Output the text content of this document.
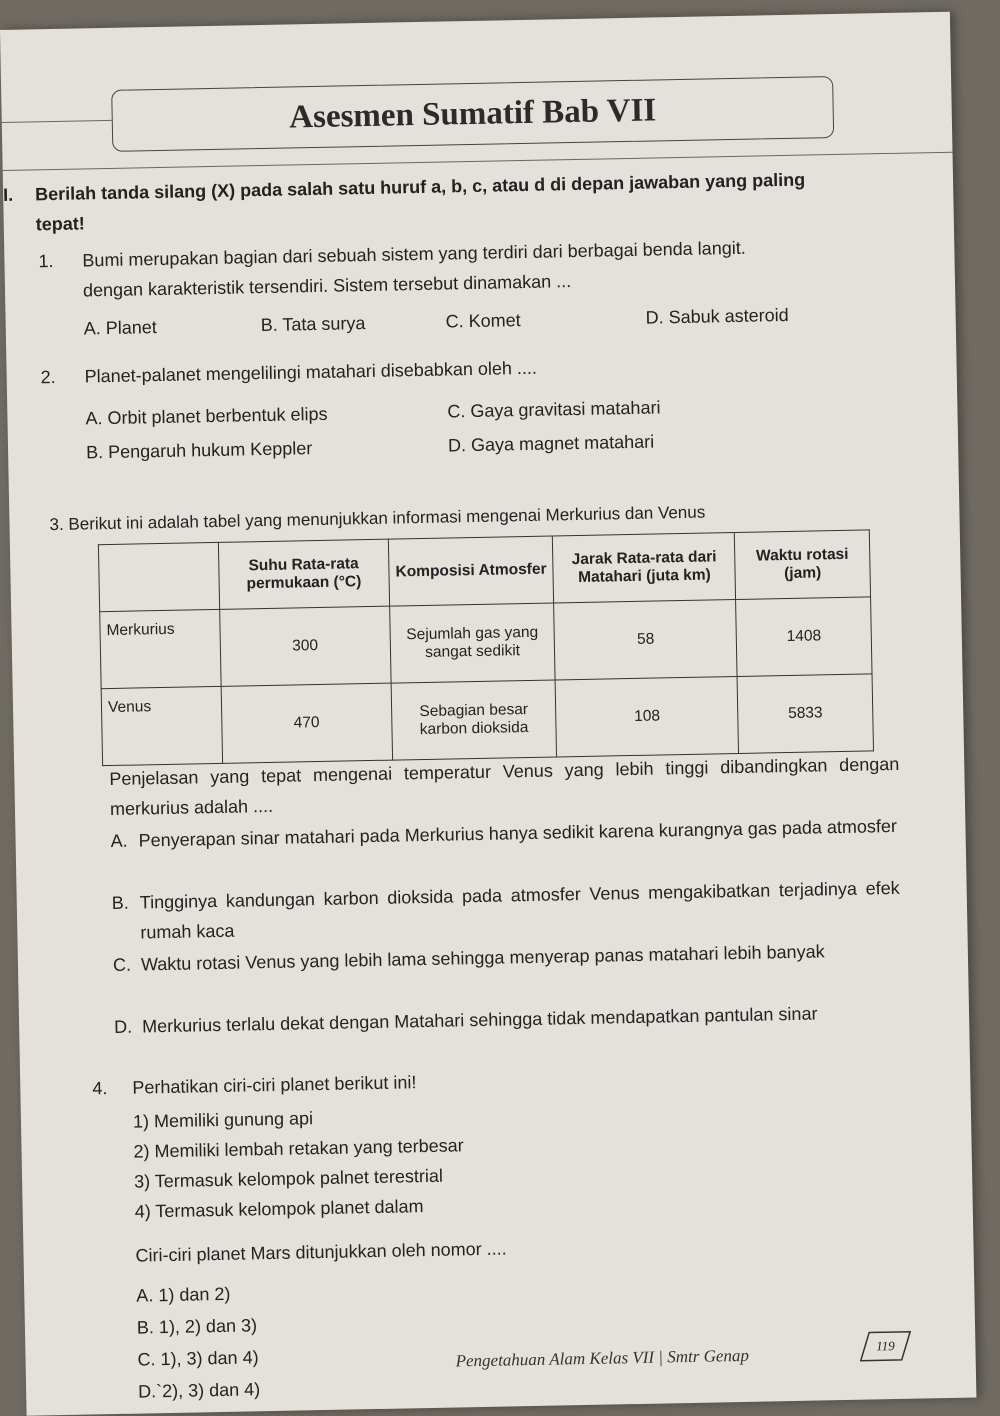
Asesmen Sumatif Bab VII
I. Berilah tanda silang (X) pada salah satu huruf a, b, c, atau d di depan jawaban yang paling tepat!
1. Bumi merupakan bagian dari sebuah sistem yang terdiri dari berbagai benda langit.
dengan karakteristik tersendiri. Sistem tersebut dinamakan ...
A. Planet	B. Tata surya	C. Komet	D. Sabuk asteroid
2. Planet-palanet mengelilingi matahari disebabkan oleh ....
A. Orbit planet berbentuk elips
B. Pengaruh hukum Keppler
C. Gaya gravitasi matahari
D. Gaya magnet matahari
3. Berikut ini adalah tabel yang menunjukkan informasi mengenai Merkurius dan Venus
	Suhu Rata-rata permukaan (°C)	Komposisi Atmosfer	Jarak Rata-rata dari Matahari (juta km)	Waktu rotasi (jam)
Merkurius	300	Sejumlah gas yang sangat sedikit	58	1408
Venus	470	Sebagian besar karbon dioksida	108	5833
Penjelasan yang tepat mengenai temperatur Venus yang lebih tinggi dibandingkan dengan merkurius adalah ....
A. Penyerapan sinar matahari pada Merkurius hanya sedikit karena kurangnya gas pada atmosfer
B. Tingginya kandungan karbon dioksida pada atmosfer Venus mengakibatkan terjadinya efek rumah kaca
C. Waktu rotasi Venus yang lebih lama sehingga menyerap panas matahari lebih banyak
D. Merkurius terlalu dekat dengan Matahari sehingga tidak mendapatkan pantulan sinar
4. Perhatikan ciri-ciri planet berikut ini!
1) Memiliki gunung api
2) Memiliki lembah retakan yang terbesar
3) Termasuk kelompok palnet terestrial
4) Termasuk kelompok planet dalam
Ciri-ciri planet Mars ditunjukkan oleh nomor ....
A. 1) dan 2)
B. 1), 2) dan 3)
C. 1), 3) dan 4)
D.`2), 3) dan 4)
Pengetahuan Alam Kelas VII | Smtr Genap
119
